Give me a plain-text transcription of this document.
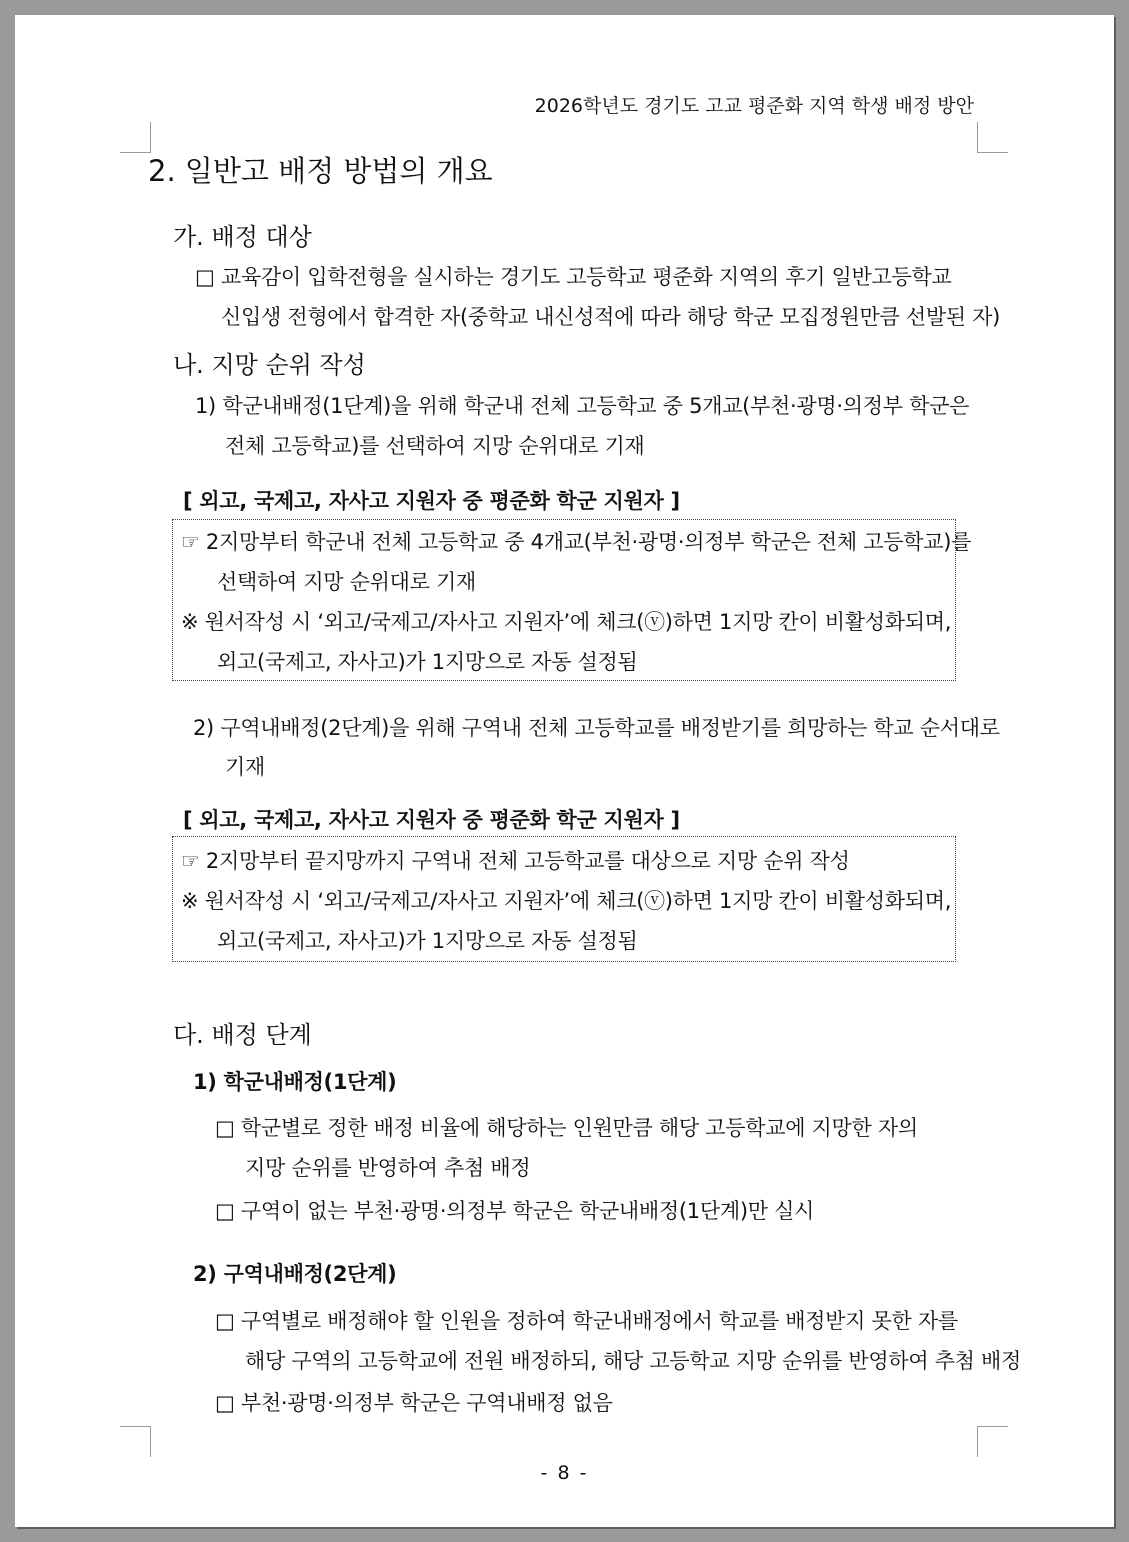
2026학년도 경기도 고교 평준화 지역 학생 배정 방안
2. 일반고 배정 방법의 개요
가. 배정 대상
□ 교육감이 입학전형을 실시하는 경기도 고등학교 평준화 지역의 후기 일반고등학교
신입생 전형에서 합격한 자(중학교 내신성적에 따라 해당 학군 모집정원만큼 선발된 자)
나. 지망 순위 작성
1) 학군내배정(1단계)을 위해 학군내 전체 고등학교 중 5개교(부천·광명·의정부 학군은
전체 고등학교)를 선택하여 지망 순위대로 기재
[ 외고, 국제고, 자사고 지원자 중 평준화 학군 지원자 ]
☞ 2지망부터 학군내 전체 고등학교 중 4개교(부천·광명·의정부 학군은 전체 고등학교)를
선택하여 지망 순위대로 기재
※ 원서작성 시 ‘외고/국제고/자사고 지원자’에 체크(ⓥ)하면 1지망 칸이 비활성화되며,
외고(국제고, 자사고)가 1지망으로 자동 설정됨
2) 구역내배정(2단계)을 위해 구역내 전체 고등학교를 배정받기를 희망하는 학교 순서대로
기재
[ 외고, 국제고, 자사고 지원자 중 평준화 학군 지원자 ]
☞ 2지망부터 끝지망까지 구역내 전체 고등학교를 대상으로 지망 순위 작성
※ 원서작성 시 ‘외고/국제고/자사고 지원자’에 체크(ⓥ)하면 1지망 칸이 비활성화되며,
외고(국제고, 자사고)가 1지망으로 자동 설정됨
다. 배정 단계
1) 학군내배정(1단계)
□ 학군별로 정한 배정 비율에 해당하는 인원만큼 해당 고등학교에 지망한 자의
지망 순위를 반영하여 추첨 배정
□ 구역이 없는 부천·광명·의정부 학군은 학군내배정(1단계)만 실시
2) 구역내배정(2단계)
□ 구역별로 배정해야 할 인원을 정하여 학군내배정에서 학교를 배정받지 못한 자를
해당 구역의 고등학교에 전원 배정하되, 해당 고등학교 지망 순위를 반영하여 추첨 배정
□ 부천·광명·의정부 학군은 구역내배정 없음
- 8 -
